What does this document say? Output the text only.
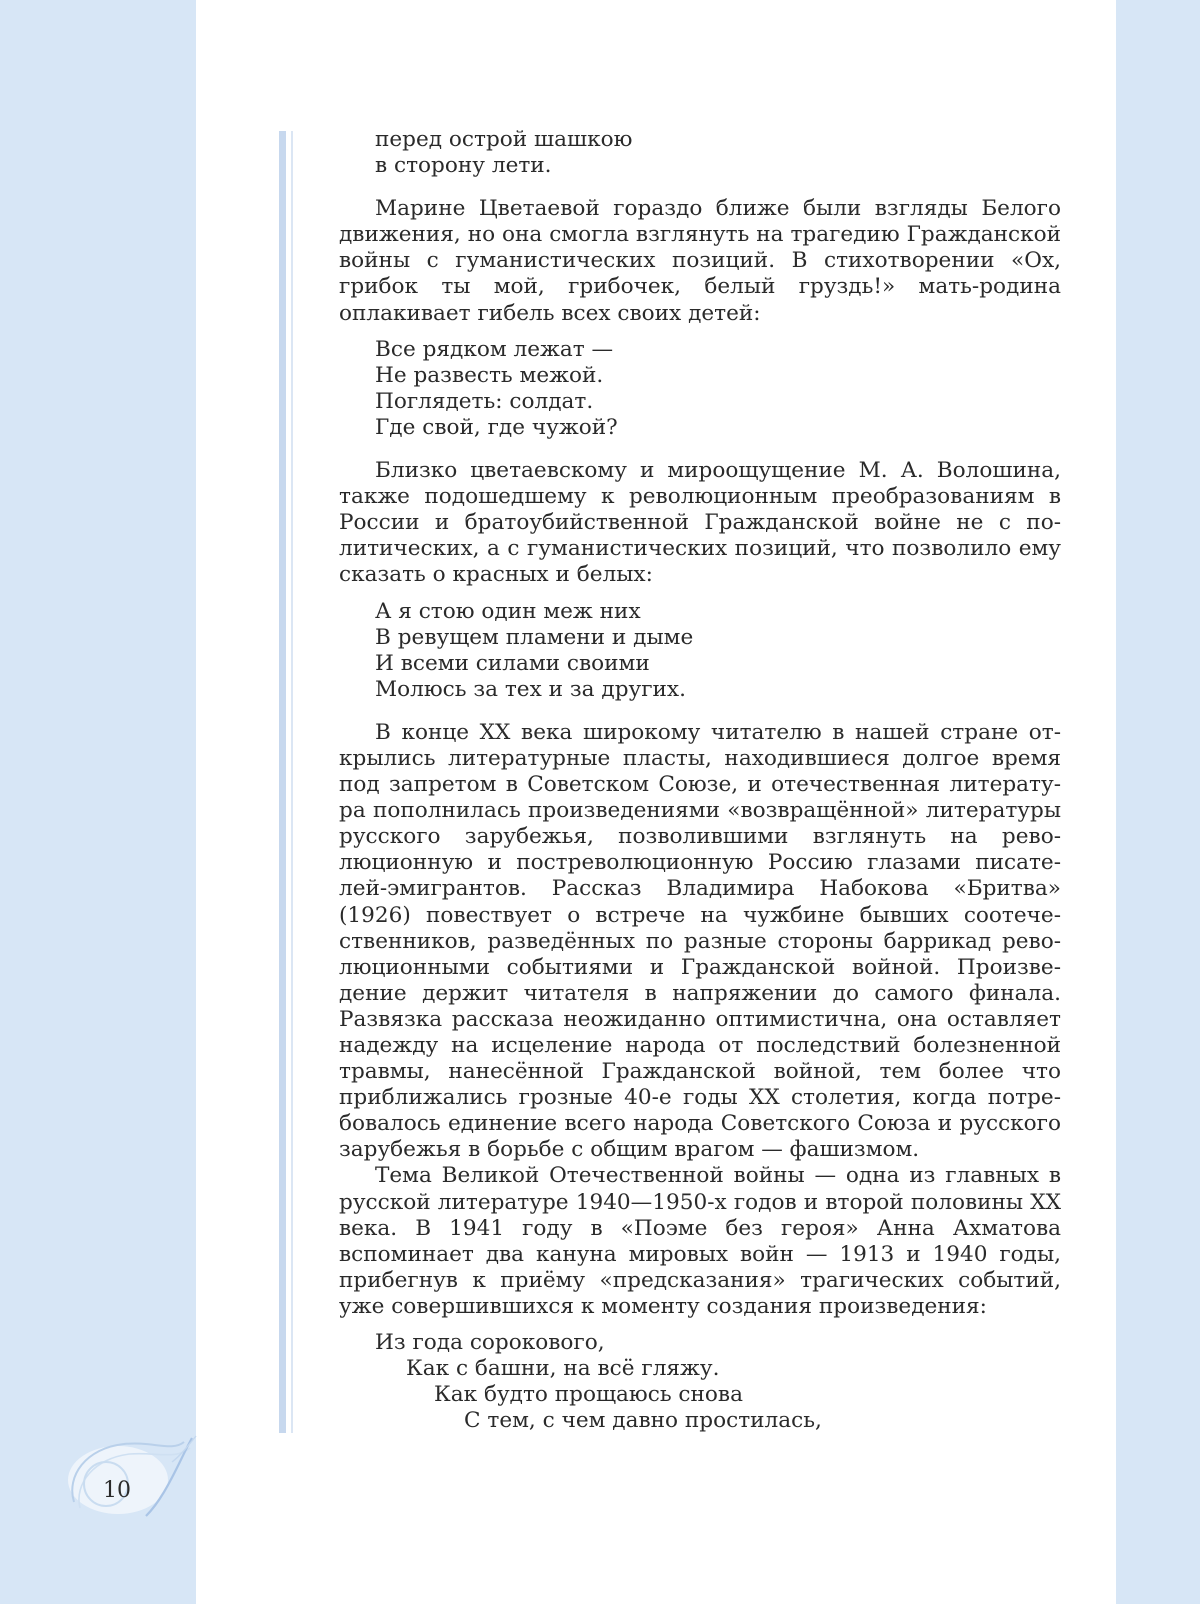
перед острой шашкою
в сторону лети.

Марине Цветаевой гораздо ближе были взгляды Белого движения, но она смогла взглянуть на трагедию Гражданской войны с гуманистических позиций. В стихотворении «Ох, грибок ты мой, грибочек, белый груздь!» мать-родина оплакивает гибель всех своих детей:

Все рядком лежат —
Не развесть межой.
Поглядеть: солдат.
Где свой, где чужой?

Близко цветаевскому и мироощущение М. А. Волошина, также подошедшему к революционным преобразованиям в России и братоубийственной Гражданской войне не с политических, а с гуманистических позиций, что позволило ему сказать о красных и белых:

А я стою один меж них
В ревущем пламени и дыме
И всеми силами своими
Молюсь за тех и за других.

В конце XX века широкому читателю в нашей стране открылись литературные пласты, находившиеся долгое время под запретом в Советском Союзе, и отечественная литература пополнилась произведениями «возвращённой» литературы русского зарубежья, позволившими взглянуть на революционную и постреволюционную Россию глазами писателей-эмигрантов. Рассказ Владимира Набокова «Бритва» (1926) повествует о встрече на чужбине бывших соотечественников, разведённых по разные стороны баррикад революционными событиями и Гражданской войной. Произведение держит читателя в напряжении до самого финала. Развязка рассказа неожиданно оптимистична, она оставляет надежду на исцеление народа от последствий болезненной травмы, нанесённой Гражданской войной, тем более что приближались грозные 40-е годы XX столетия, когда потребовалось единение всего народа Советского Союза и русского зарубежья в борьбе с общим врагом — фашизмом.

Тема Великой Отечественной войны — одна из главных в русской литературе 1940—1950-х годов и второй половины XX века. В 1941 году в «Поэме без героя» Анна Ахматова вспоминает два кануна мировых войн — 1913 и 1940 годы, прибегнув к приёму «предсказания» трагических событий, уже совершившихся к моменту создания произведения:

Из года сорокового,
Как с башни, на всё гляжу.
Как будто прощаюсь снова
С тем, с чем давно простилась,
10
